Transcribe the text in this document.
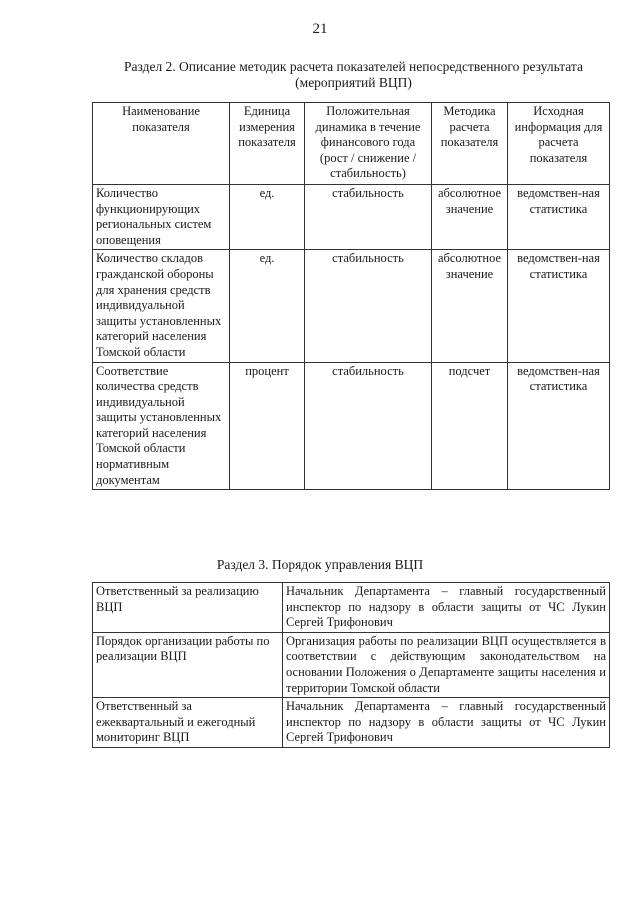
21
Раздел 2. Описание методик расчета показателей непосредственного результата
(мероприятий ВЦП)
Наименование показателя	Единица измерения показателя	Положительная динамика в течение финансового года (рост / снижение / стабильность)	Методика расчета показателя	Исходная информация для расчета показателя
Количество функционирующих региональных систем оповещения	ед.	стабильность	абсолютное значение	ведомствен-ная статистика
Количество складов гражданской обороны для хранения средств индивидуальной защиты установленных категорий населения Томской области	ед.	стабильность	абсолютное значение	ведомствен-ная статистика
Соответствие количества средств индивидуальной защиты установленных категорий населения Томской области нормативным документам	процент	стабильность	подсчет	ведомствен-ная статистика
Раздел 3. Порядок управления ВЦП
Ответственный за реализацию ВЦП	Начальник Департамента – главный государственный инспектор по надзору в области защиты от ЧС Лукин Сергей Трифонович
Порядок организации работы по реализации ВЦП	Организация работы по реализации ВЦП осуществляется в соответствии с действующим законодательством на основании Положения о Департаменте защиты населения и территории Томской области
Ответственный за ежеквартальный и ежегодный мониторинг ВЦП	Начальник Департамента – главный государственный инспектор по надзору в области защиты от ЧС Лукин Сергей Трифонович
